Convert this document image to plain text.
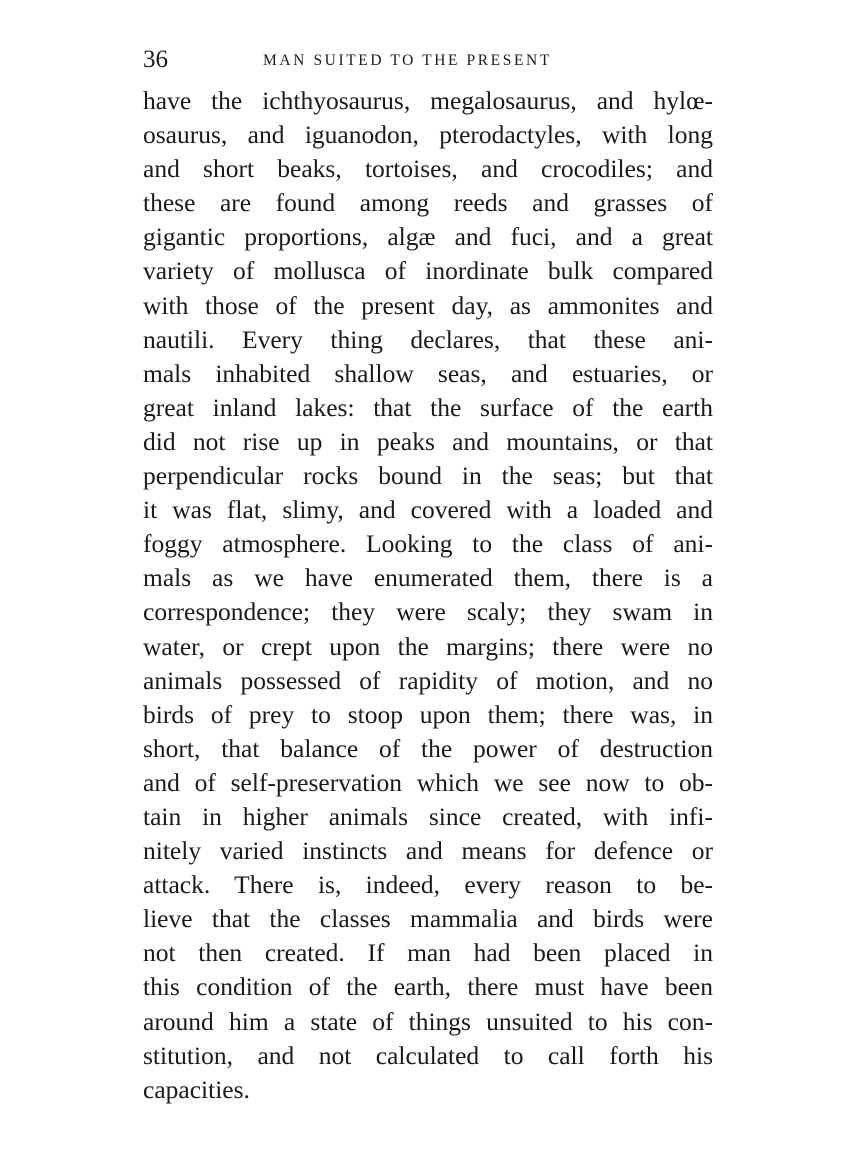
36	MAN SUITED TO THE PRESENT
have the ichthyosaurus, megalosaurus, and hylœ-
osaurus, and iguanodon, pterodactyles, with long
and short beaks, tortoises, and crocodiles; and
these are found among reeds and grasses of
gigantic proportions, algæ and fuci, and a great
variety of mollusca of inordinate bulk compared
with those of the present day, as ammonites and
nautili. Every thing declares, that these ani-
mals inhabited shallow seas, and estuaries, or
great inland lakes: that the surface of the earth
did not rise up in peaks and mountains, or that
perpendicular rocks bound in the seas; but that
it was flat, slimy, and covered with a loaded and
foggy atmosphere. Looking to the class of ani-
mals as we have enumerated them, there is a
correspondence; they were scaly; they swam in
water, or crept upon the margins; there were no
animals possessed of rapidity of motion, and no
birds of prey to stoop upon them; there was, in
short, that balance of the power of destruction
and of self-preservation which we see now to ob-
tain in higher animals since created, with infi-
nitely varied instincts and means for defence or
attack. There is, indeed, every reason to be-
lieve that the classes mammalia and birds were
not then created. If man had been placed in
this condition of the earth, there must have been
around him a state of things unsuited to his con-
stitution, and not calculated to call forth his
capacities.
